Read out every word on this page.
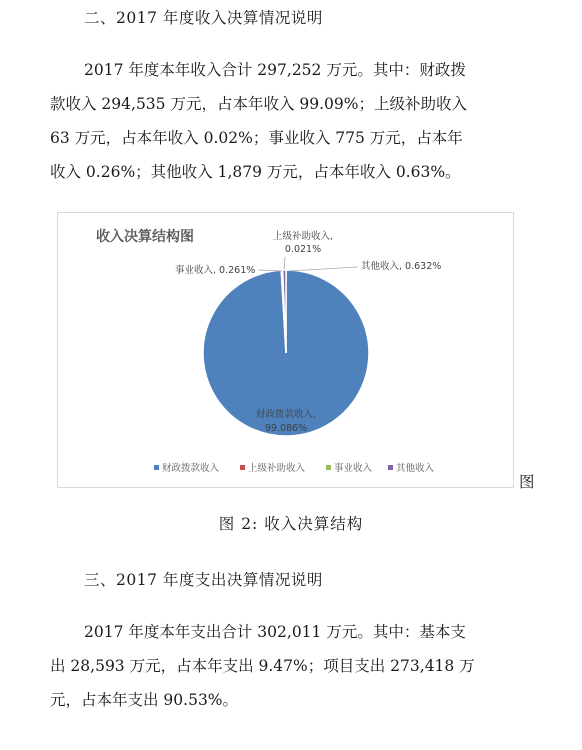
二、2017 年度收入决算情况说明
2017 年度本年收入合计 297,252 万元。其中：财政拨
款收入 294,535 万元，占本年收入 99.09%；上级补助收入
63 万元，占本年收入 0.02%；事业收入 775 万元，占本年
收入 0.26%；其他收入 1,879 万元，占本年收入 0.63%。
收入决算结构图
财政拨款收入,
99.086%
上级补助收入,
0.021%
事业收入, 0.261%	其他收入, 0.632%
财政拨款收入	上级补助收入	事业收入	其他收入
图
图 2: 收入决算结构
三、2017 年度支出决算情况说明
2017 年度本年支出合计 302,011 万元。其中：基本支
出 28,593 万元，占本年支出 9.47%；项目支出 273,418 万
元，占本年支出 90.53%。
